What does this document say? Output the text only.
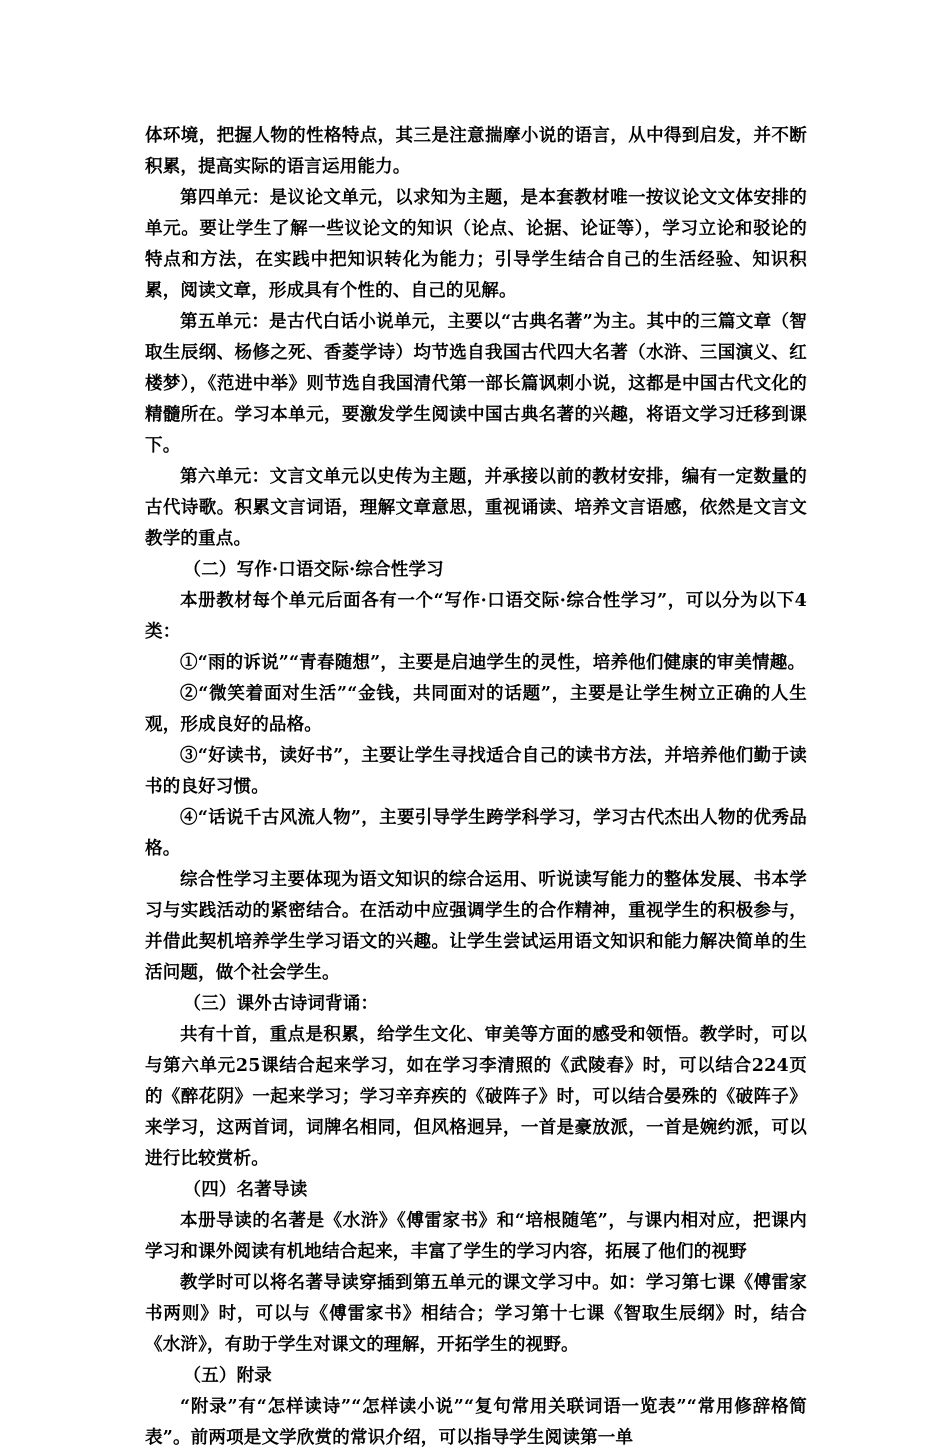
体环境，把握人物的性格特点，其三是注意揣摩小说的语言，从中得到启发，并不断积累，提高实际的语言运用能力。

第四单元：是议论文单元，以求知为主题，是本套教材唯一按议论文文体安排的单元。要让学生了解一些议论文的知识（论点、论据、论证等），学习立论和驳论的特点和方法，在实践中把知识转化为能力；引导学生结合自己的生活经验、知识积累，阅读文章，形成具有个性的、自己的见解。

第五单元：是古代白话小说单元，主要以“古典名著”为主。其中的三篇文章（智取生辰纲、杨修之死、香菱学诗）均节选自我国古代四大名著（水浒、三国演义、红楼梦），《范进中举》则节选自我国清代第一部长篇讽刺小说，这都是中国古代文化的精髓所在。学习本单元，要激发学生阅读中国古典名著的兴趣，将语文学习迁移到课下。

第六单元：文言文单元以史传为主题，并承接以前的教材安排，编有一定数量的古代诗歌。积累文言词语，理解文章意思，重视诵读、培养文言语感，依然是文言文教学的重点。

（二）写作·口语交际·综合性学习

本册教材每个单元后面各有一个“写作·口语交际·综合性学习”，可以分为以下4类：

①“雨的诉说”“青春随想”，主要是启迪学生的灵性，培养他们健康的审美情趣。

②“微笑着面对生活”“金钱，共同面对的话题”，主要是让学生树立正确的人生观，形成良好的品格。

③“好读书，读好书”，主要让学生寻找适合自己的读书方法，并培养他们勤于读书的良好习惯。

④“话说千古风流人物”，主要引导学生跨学科学习，学习古代杰出人物的优秀品格。

综合性学习主要体现为语文知识的综合运用、听说读写能力的整体发展、书本学习与实践活动的紧密结合。在活动中应强调学生的合作精神，重视学生的积极参与，并借此契机培养学生学习语文的兴趣。让学生尝试运用语文知识和能力解决简单的生活问题，做个社会学生。

（三）课外古诗词背诵：

共有十首，重点是积累，给学生文化、审美等方面的感受和领悟。教学时，可以与第六单元25课结合起来学习，如在学习李清照的《武陵春》时，可以结合224页的《醉花阴》一起来学习；学习辛弃疾的《破阵子》时，可以结合晏殊的《破阵子》来学习，这两首词，词牌名相同，但风格迥异，一首是豪放派，一首是婉约派，可以进行比较赏析。

（四）名著导读

本册导读的名著是《水浒》《傅雷家书》和“培根随笔”，与课内相对应，把课内学习和课外阅读有机地结合起来，丰富了学生的学习内容，拓展了他们的视野

教学时可以将名著导读穿插到第五单元的课文学习中。如：学习第七课《傅雷家书两则》时，可以与《傅雷家书》相结合；学习第十七课《智取生辰纲》时，结合《水浒》，有助于学生对课文的理解，开拓学生的视野。

（五）附录

“附录”有“怎样读诗”“怎样读小说”“复句常用关联词语一览表”“常用修辞格简表”。前两项是文学欣赏的常识介绍，可以指导学生阅读第一单
